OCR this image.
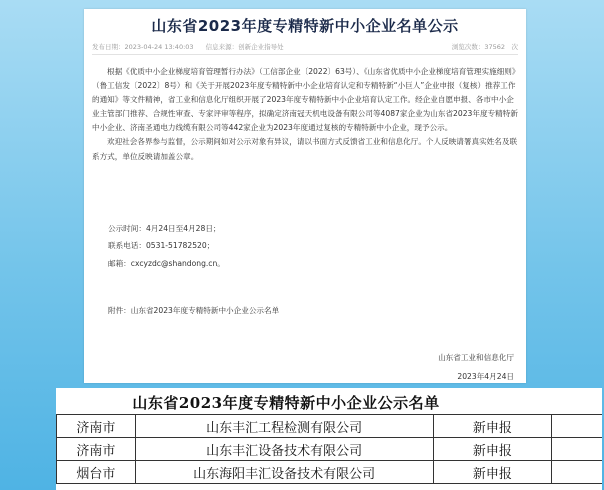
山东省2023年度专精特新中小企业名单公示
发布日期：2023-04-24 13:40:03 信息来源：创新企业指导处	浏览次数：37562　次

根据《优质中小企业梯度培育管理暂行办法》（工信部企业〔2022〕63号）、《山东省优质中小企业梯度培育管理实施细则》（鲁工信发〔2022〕8号）和《关于开展2023年度专精特新中小企业培育认定和专精特新“小巨人”企业申报（复核）推荐工作的通知》等文件精神，省工业和信息化厅组织开展了2023年度专精特新中小企业培育认定工作。经企业自愿申报、各市中小企业主管部门推荐、合规性审查、专家评审等程序，拟确定济南冠天机电设备有限公司等4087家企业为山东省2023年度专精特新中小企业、济南圣通电力线缆有限公司等442家企业为2023年度通过复核的专精特新中小企业，现予公示。

欢迎社会各界参与监督，公示期间如对公示对象有异议，请以书面方式反馈省工业和信息化厅。个人反映请署真实姓名及联系方式，单位反映请加盖公章。

公示时间：4月24日至4月28日；
联系电话：0531-51782520；
邮箱：cxcyzdc@shandong.cn。
附件：山东省2023年度专精特新中小企业公示名单
山东省工业和信息化厅
2023年4月24日
山东省2023年度专精特新中小企业公示名单
济南市	山东丰汇工程检测有限公司	新申报	
济南市	山东丰汇设备技术有限公司	新申报	
烟台市	山东海阳丰汇设备技术有限公司	新申报	
